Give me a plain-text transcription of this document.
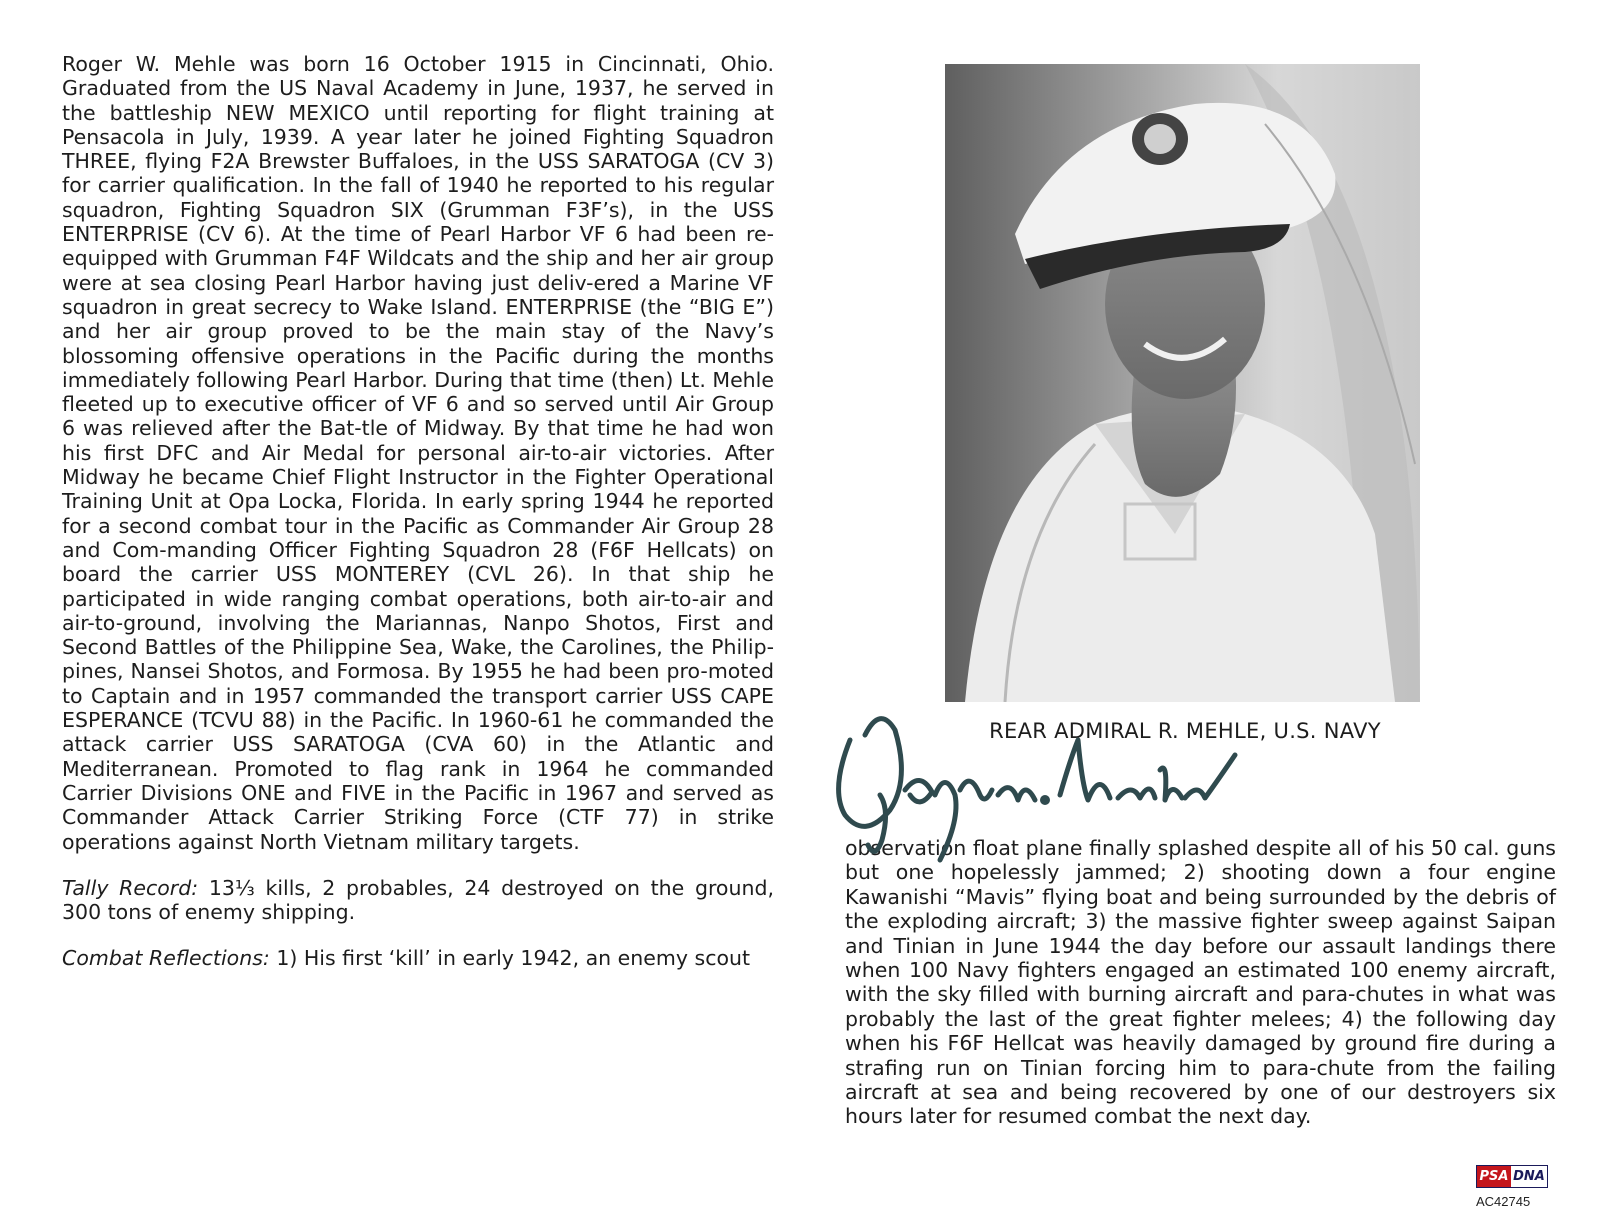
Roger W. Mehle was born 16 October 1915 in Cincinnati, Ohio. Graduated from the US Naval Academy in June, 1937, he served in the battleship NEW MEXICO until reporting for flight training at Pensacola in July, 1939. A year later he joined Fighting Squadron THREE, flying F2A Brewster Buffaloes, in the USS SARATOGA (CV 3) for carrier qualification. In the fall of 1940 he reported to his regular squadron, Fighting Squadron SIX (Grumman F3F’s), in the USS ENTERPRISE (CV 6). At the time of Pearl Harbor VF 6 had been re-equipped with Grumman F4F Wildcats and the ship and her air group were at sea closing Pearl Harbor having just deliv-ered a Marine VF squadron in great secrecy to Wake Island. ENTERPRISE (the “BIG E”) and her air group proved to be the main stay of the Navy’s blossoming offensive operations in the Pacific during the months immediately following Pearl Harbor. During that time (then) Lt. Mehle fleeted up to executive officer of VF 6 and so served until Air Group 6 was relieved after the Bat-tle of Midway. By that time he had won his first DFC and Air Medal for personal air-to-air victories. After Midway he became Chief Flight Instructor in the Fighter Operational Training Unit at Opa Locka, Florida. In early spring 1944 he reported for a second combat tour in the Pacific as Commander Air Group 28 and Com-manding Officer Fighting Squadron 28 (F6F Hellcats) on board the carrier USS MONTEREY (CVL 26). In that ship he participated in wide ranging combat operations, both air-to-air and air-to-ground, involving the Mariannas, Nanpo Shotos, First and Second Battles of the Philippine Sea, Wake, the Carolines, the Philip-pines, Nansei Shotos, and Formosa. By 1955 he had been pro-moted to Captain and in 1957 commanded the transport carrier USS CAPE ESPERANCE (TCVU 88) in the Pacific. In 1960-61 he commanded the attack carrier USS SARATOGA (CVA 60) in the Atlantic and Mediterranean. Promoted to flag rank in 1964 he commanded Carrier Divisions ONE and FIVE in the Pacific in 1967 and served as Commander Attack Carrier Striking Force (CTF 77) in strike operations against North Vietnam military targets.

Tally Record: 13⅓ kills, 2 probables, 24 destroyed on the ground, 300 tons of enemy shipping.

Combat Reflections: 1) His first ‘kill’ in early 1942, an enemy scout

REAR ADMIRAL R. MEHLE, U.S. NAVY

observation float plane finally splashed despite all of his 50 cal. guns but one hopelessly jammed; 2) shooting down a four engine Kawanishi “Mavis” flying boat and being surrounded by the debris of the exploding aircraft; 3) the massive fighter sweep against Saipan and Tinian in June 1944 the day before our assault landings there when 100 Navy fighters engaged an estimated 100 enemy aircraft, with the sky filled with burning aircraft and para-chutes in what was probably the last of the great fighter melees; 4) the following day when his F6F Hellcat was heavily damaged by ground fire during a strafing run on Tinian forcing him to para-chute from the failing aircraft at sea and being recovered by one of our destroyers six hours later for resumed combat the next day.

PSA DNA
AC42745
